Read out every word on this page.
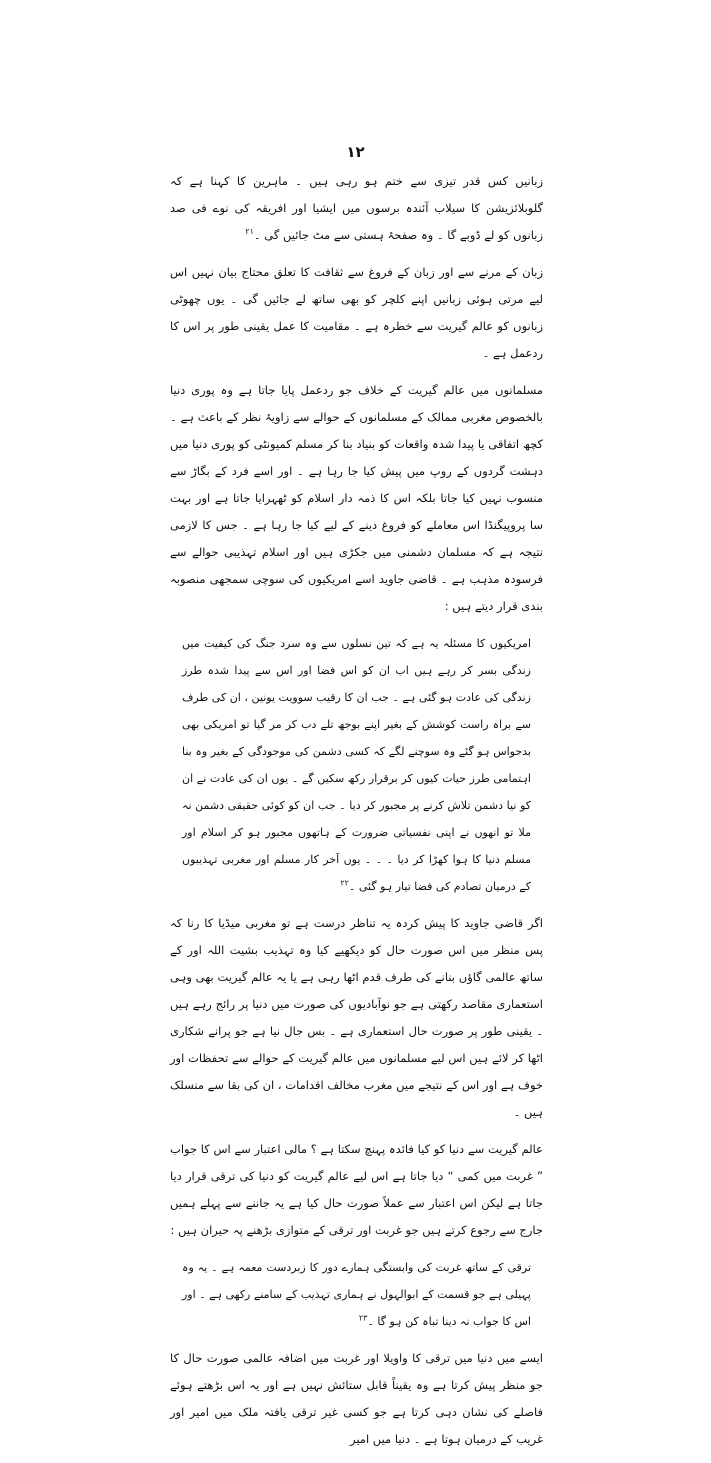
۱۲

زبانیں کس قدر تیزی سے ختم ہو رہی ہیں ۔ ماہرین کا کہنا ہے کہ گلوبلائزیشن کا سیلاب آئندہ برسوں میں ایشیا اور افریقہ کی نوے فی صد زبانوں کو لے ڈوبے گا ۔ وہ صفحۂ ہستی سے مٹ جائیں گی ۔$^{۲۱}$

زبان کے مرنے سے اور زبان کے فروغ سے ثقافت کا تعلق محتاج بیان نہیں اس لیے مرتی ہوئی زبانیں اپنے کلچر کو بھی ساتھ لے جائیں گی ۔ یوں چھوٹی زبانوں کو عالم گیریت سے خطرہ ہے ۔ مقامیت کا عمل یقینی طور پر اس کا ردعمل ہے ۔

مسلمانوں میں عالم گیریت کے خلاف جو ردعمل پایا جاتا ہے وہ پوری دنیا بالخصوص مغربی ممالک کے مسلمانوں کے حوالے سے زاویۂ نظر کے باعث ہے ۔ کچھ اتفاقی یا پیدا شدہ واقعات کو بنیاد بنا کر مسلم کمیونٹی کو پوری دنیا میں دہشت گردوں کے روپ میں پیش کیا جا رہا ہے ۔ اور اسے فرد کے بگاڑ سے منسوب نہیں کیا جاتا بلکہ اس کا ذمہ دار اسلام کو ٹھہرایا جاتا ہے اور بہت سا پروپیگنڈا اس معاملے کو فروغ دینے کے لیے کیا جا رہا ہے ۔ جس کا لازمی نتیجہ ہے کہ مسلمان دشمنی میں جکڑی ہیں اور اسلام تہذیبی حوالے سے فرسودہ مذہب ہے ۔ قاضی جاوید اسے امریکیوں کی سوچی سمجھی منصوبہ بندی قرار دیتے ہیں :

امریکیوں کا مسئلہ یہ ہے کہ تین نسلوں سے وہ سرد جنگ کی کیفیت میں زندگی بسر کر رہے ہیں اب ان کو اس فضا اور اس سے پیدا شدہ طرز زندگی کی عادت ہو گئی ہے ۔ جب ان کا رقیب سوویت یونین ، ان کی طرف سے براہ راست کوشش کے بغیر اپنے بوجھ تلے دب کر مر گیا تو امریکی بھی بدحواس ہو گئے وہ سوچنے لگے کہ کسی دشمن کی موجودگی کے بغیر وہ بنا اہتمامی طرز حیات کیوں کر برقرار رکھ سکیں گے ۔ یوں ان کی عادت نے ان کو نیا دشمن تلاش کرنے پر مجبور کر دیا ۔ جب ان کو کوئی حقیقی دشمن نہ ملا تو انھوں نے اپنی نفسیاتی ضرورت کے ہاتھوں مجبور ہو کر اسلام اور مسلم دنیا کا ہوا کھڑا کر دیا ۔ ۔ ۔ یوں آخر کار مسلم اور مغربی تہذیبوں کے درمیان تصادم کی فضا تیار ہو گئی ۔$^{۲۲}$

اگر قاضی جاوید کا پیش کردہ یہ تناظر درست ہے تو مغربی میڈیا کا رنا کہ پس منظر میں اس صورت حال کو دیکھیے کیا وہ تہذیب بشیت اللہ اور کے ساتھ عالمی گاؤں بنانے کی طرف قدم اٹھا رہی ہے یا یہ عالم گیریت بھی وہی استعماری مقاصد رکھتی ہے جو نوآبادیوں کی صورت میں دنیا پر رائج رہے ہیں ۔ یقینی طور پر صورت حال استعماری ہے ۔ بس جال نیا ہے جو پرانے شکاری اٹھا کر لائے ہیں اس لیے مسلمانوں میں عالم گیریت کے حوالے سے تحفظات اور خوف ہے اور اس کے نتیجے میں مغرب مخالف اقدامات ، ان کی بقا سے منسلک ہیں ۔

عالم گیریت سے دنیا کو کیا فائدہ پہنچ سکتا ہے ؟ مالی اعتبار سے اس کا جواب ” غربت میں کمی “ دیا جاتا ہے اس لیے عالم گیریت کو دنیا کی ترقی قرار دیا جاتا ہے لیکن اس اعتبار سے عملاً صورت حال کیا ہے یہ جاننے سے پہلے ہمیں جارج سے رجوع کرتے ہیں جو غربت اور ترقی کے متوازی بڑھنے پہ حیران ہیں :

ترقی کے ساتھ غربت کی وابستگی ہمارے دور کا زبردست معمہ ہے ۔ یہ وہ پہیلی ہے جو قسمت کے ابوالہول نے ہماری تہذیب کے سامنے رکھی ہے ۔ اور اس کا جواب نہ دینا تباہ کن ہو گا ۔$^{۲۳}$

ایسے میں دنیا میں ترقی کا واویلا اور غربت میں اضافہ عالمی صورت حال کا جو منظر پیش کرتا ہے وہ یقیناً قابل ستائش نہیں ہے اور یہ اس بڑھتے ہوئے فاصلے کی نشان دہی کرتا ہے جو کسی غیر ترقی یافتہ ملک میں امیر اور غریب کے درمیان ہوتا ہے ۔ دنیا میں امیر
